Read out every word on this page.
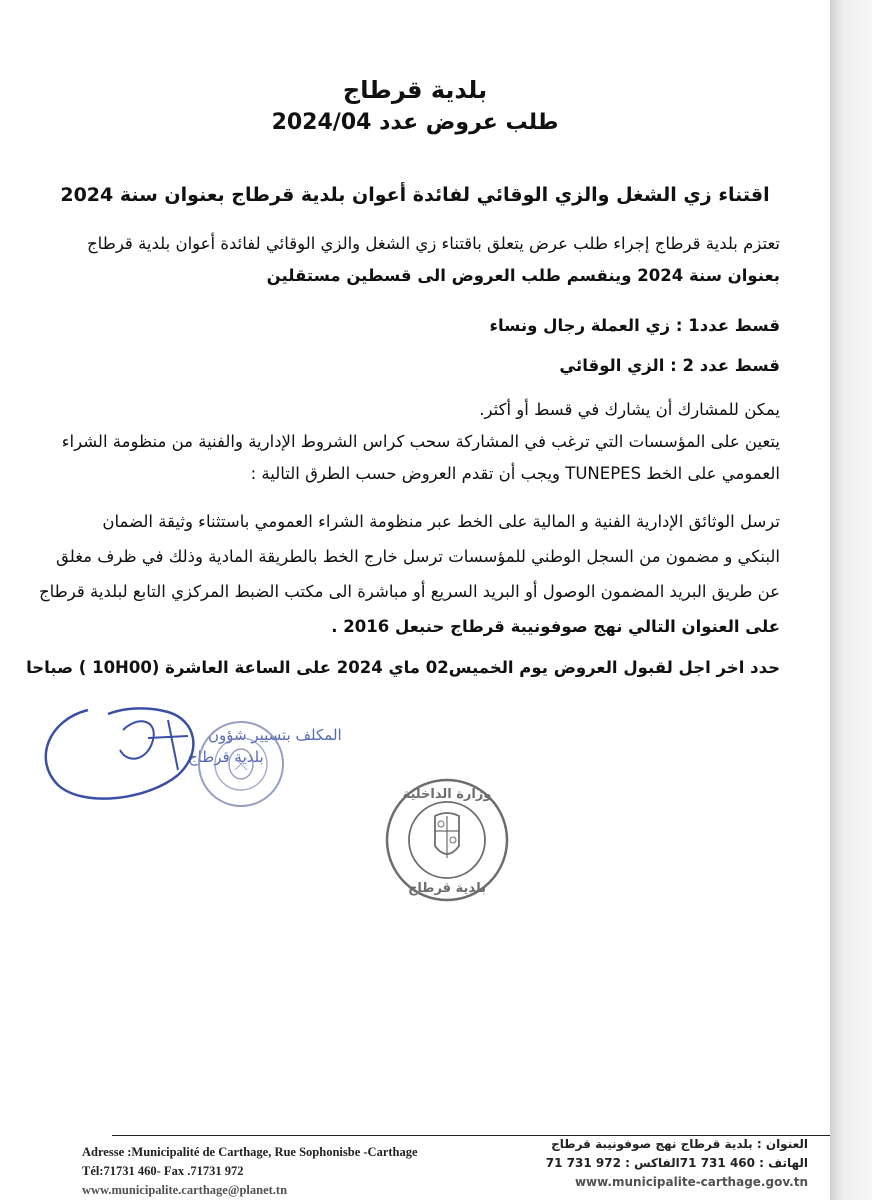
بلدية قرطاج
طلب عروض عدد 2024/04
اقتناء زي الشغل والزي الوقائي لفائدة أعوان بلدية قرطاج بعنوان سنة 2024

تعتزم بلدية قرطاج إجراء طلب عرض يتعلق باقتناء زي الشغل والزي الوقائي لفائدة أعوان بلدية قرطاج

بعنوان سنة 2024 وينقسم طلب العروض الى قسطين مستقلين

قسط عدد1 : زي العملة رجال ونساء
قسط عدد 2 : الزي الوقائي

يمكن للمشارك أن يشارك في قسط أو أكثر.

يتعين على المؤسسات التي ترغب في المشاركة سحب كراس الشروط الإدارية والفنية من منظومة الشراء

العمومي على الخط TUNEPES ويجب أن تقدم العروض حسب الطرق التالية :

ترسل الوثائق الإدارية الفنية و المالية على الخط عبر منظومة الشراء العمومي باستثناء وثيقة الضمان

البنكي و مضمون من السجل الوطني للمؤسسات ترسل خارج الخط بالطريقة المادية وذلك في ظرف مغلق

عن طريق البريد المضمون الوصول أو البريد السريع أو مباشرة الى مكتب الضبط المركزي التابع لبلدية قرطاج

على العنوان التالي نهج صوفونيبة قرطاج حنبعل 2016 .

حدد اخر اجل لقبول العروض يوم الخميس02 ماي 2024 على الساعة العاشرة (10H00 ) صباحا
المكلف بتسيير شؤون
بلدية قرطاج
وزارة الداخلية
بلدية قرطاج
Adresse :Municipalité de Carthage, Rue Sophonisbe -Carthage
Tél:71731 460- Fax .71731 972
www.municipalite.carthage@planet.tn
العنوان : بلدية قرطاج نهج صوفونيبة قرطاج
الهاتف : 460 731 71الفاكس : 972 731 71
www.municipalite-carthage.gov.tn
